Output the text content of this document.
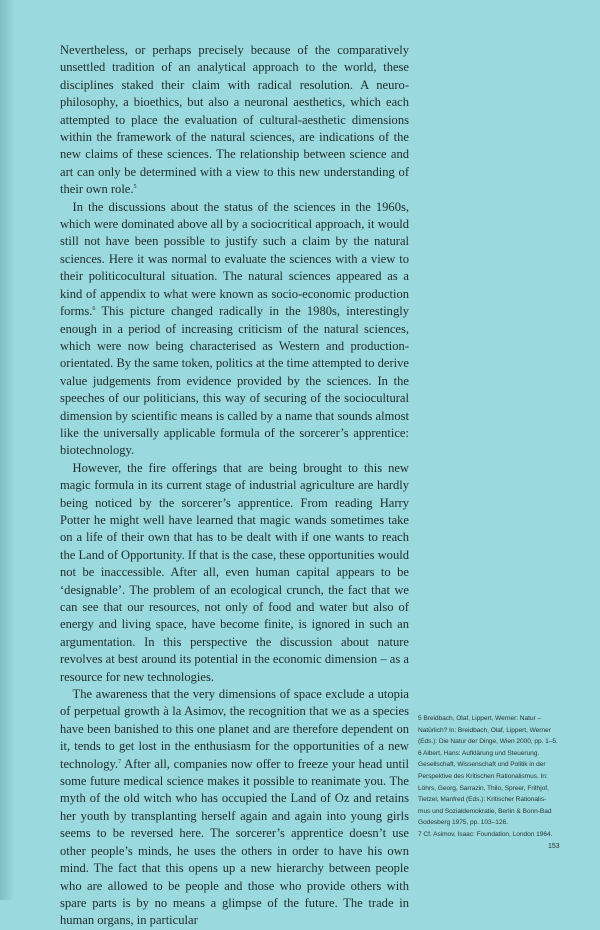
Nevertheless, or perhaps precisely because of the comparatively unsettled tradition of an analytical approach to the world, these disciplines staked their claim with radical resolution. A neuro-philosophy, a bioethics, but also a neuronal aesthetics, which each attempted to place the evaluation of cultural-aesthetic dimensions within the framework of the natural sciences, are indications of the new claims of these sciences. The relationship between science and art can only be determined with a view to this new understanding of their own role.$^5$

 In the discussions about the status of the sciences in the 1960s, which were dominated above all by a sociocritical approach, it would still not have been possible to justify such a claim by the natural sciences. Here it was normal to evaluate the sciences with a view to their politicocultural situation. The natural sciences appeared as a kind of appendix to what were known as socio-economic production forms.$^6$ This picture changed radically in the 1980s, interestingly enough in a period of increasing criticism of the natural sciences, which were now being characterised as Western and production-orientated. By the same token, politics at the time attempted to derive value judgements from evidence provided by the sciences. In the speeches of our politicians, this way of securing of the sociocultural dimension by scientific means is called by a name that sounds almost like the universally applicable formula of the sorcerer’s apprentice: biotechnology.

 However, the fire offerings that are being brought to this new magic formula in its current stage of industrial agriculture are hardly being noticed by the sorcerer’s apprentice. From reading Harry Potter he might well have learned that magic wands sometimes take on a life of their own that has to be dealt with if one wants to reach the Land of Opportunity. If that is the case, these opportunities would not be inaccessible. After all, even human capital appears to be ‘designable’. The problem of an ecological crunch, the fact that we can see that our resources, not only of food and water but also of energy and living space, have become finite, is ignored in such an argumentation. In this perspective the discussion about nature revolves at best around its potential in the economic dimension – as a resource for new technologies.

 The awareness that the very dimensions of space exclude a utopia of perpetual growth à la Asimov, the recognition that we as a species have been banished to this one planet and are therefore dependent on it, tends to get lost in the enthusiasm for the opportunities of a new technology.$^7$ After all, companies now offer to freeze your head until some future medical science makes it possible to reanimate you. The myth of the old witch who has occupied the Land of Oz and retains her youth by transplanting herself again and again into young girls seems to be reversed here. The sorcerer’s apprentice doesn’t use other people’s minds, he uses the others in order to have his own mind. The fact that this opens up a new hierarchy between people who are allowed to be people and those who provide others with spare parts is by no means a glimpse of the future. The trade in human organs, in particular

5 Breidbach, Olaf, Lippert, Werner: Natur –
Natürlich? In: Breidbach, Olaf, Lippert, Werner
(Eds.): Die Natur der Dinge, Wien 2000, pp. 1–5.
6 Albert, Hans: Aufklärung und Steuerung.
Gesellschaft, Wissenschaft und Politik in der
Perspektive des Kritischen Rationalismus. In:
Löhrs, Georg, Sarrazin, Thilo, Spreer, Frithjof,
Tietzel, Manfred (Eds.): Kritischer Rationalis-
mus und Sozialdemokratie, Berlin & Bonn-Bad
Godesberg 1975, pp. 103–126.
7 Cf. Asimov, Isaac: Foundation, London 1964.
153
